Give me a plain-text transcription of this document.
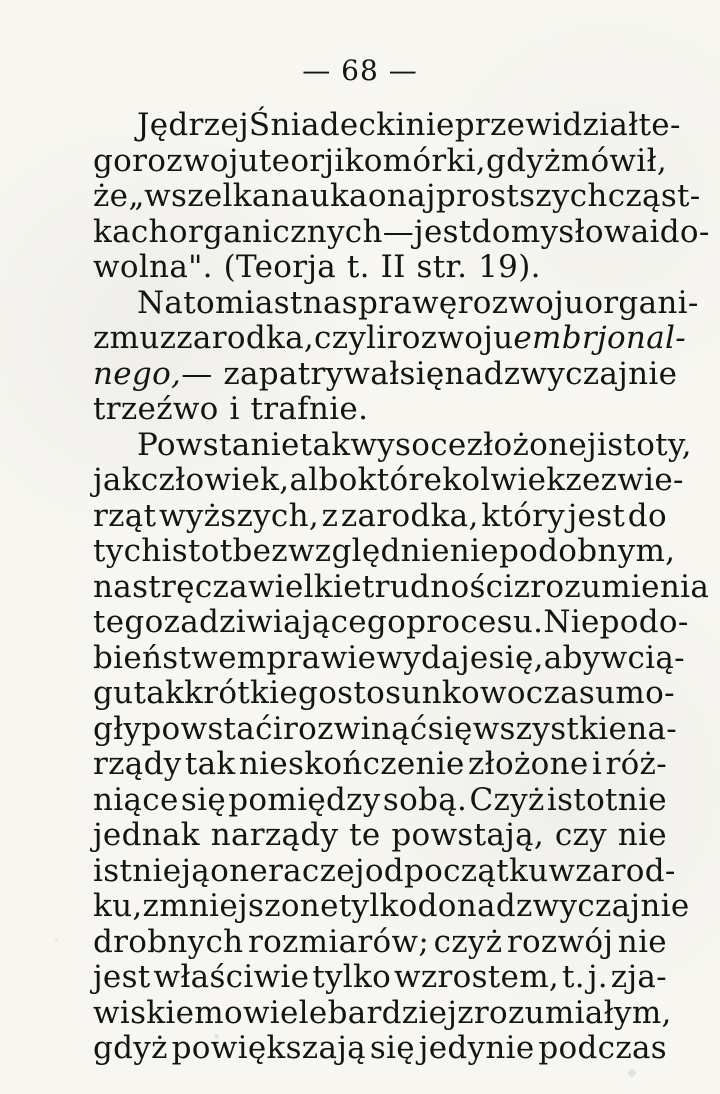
— 68 —
Jędrzej Śniadecki nie przewidział te-
go rozwoju teorji komórki, gdyż mówił,
że „wszelka nauka o najprostszych cząst-
kach organicznych—jest domysłowa i do-
wolna". (Teorja t. II str. 19).
Natomiast na sprawę rozwoju organi-
zmu z zarodka, czyli rozwoju embrjonal-
nego, — zapatrywał się nadzwyczajnie
trzeźwo i trafnie.
Powstanie tak wysoce złożonej istoty,
jak człowiek, albo którekolwiek ze zwie-
rząt wyższych, z zarodka, który jest do
tych istot bezwzględnie niepodobnym,
nastręcza wielkie trudności zrozumienia
tego zadziwiającego procesu. Niepodo-
bieństwem prawie wydaje się, aby w cią-
gu tak krótkiego stosunkowo czasu mo-
gły powstać i rozwinąć się wszystkie na-
rządy tak nieskończenie złożone i róż-
niące się pomiędzy sobą. Czyż istotnie
jednak narządy te powstają, czy nie
istnieją one raczej od początku w zarod-
ku, zmniejszone tylko do nadzwyczajnie
drobnych rozmiarów; czyż rozwój nie
jest właściwie tylko wzrostem, t. j. zja-
wiskiem o wiele bardziej zrozumiałym,
gdyż powiększają się jedynie podczas
